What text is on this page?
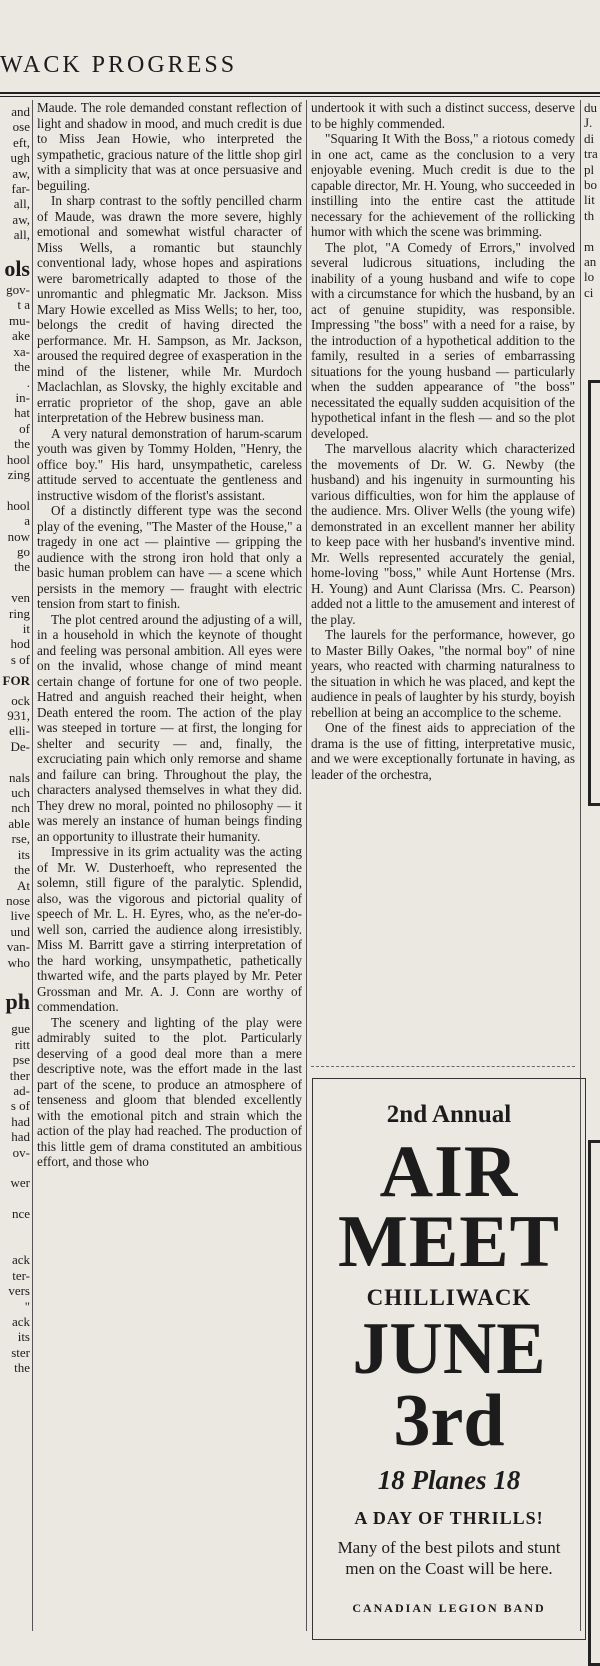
WACK PROGRESS
and
ose
eft,
ugh
aw,
far-
all,
aw,
all,
ols
gov-
t a
mu-
ake
xa-
the
.
in-
hat
of
the
hool
zing

hool
a
now
go
the

ven
ring
it
hod
s of
FOR
ock
931,
elli-
De-

nals
uch
nch
able
rse,
its
the
At
nose
live
und
van-
who
ph
gue
ritt
pse
ther
ad-
s of
had
had
ov-

wer

nce

ack
ter-
vers
"
ack
its
ster
the

Maude. The role demanded constant reflection of light and shadow in mood, and much credit is due to Miss Jean Howie, who interpreted the sympathetic, gracious nature of the little shop girl with a simplicity that was at once persuasive and beguiling.

In sharp contrast to the softly pencilled charm of Maude, was drawn the more severe, highly emotional and somewhat wistful character of Miss Wells, a romantic but staunchly conventional lady, whose hopes and aspirations were barometrically adapted to those of the unromantic and phlegmatic Mr. Jackson. Miss Mary Howie excelled as Miss Wells; to her, too, belongs the credit of having directed the performance. Mr. H. Sampson, as Mr. Jackson, aroused the required degree of exasperation in the mind of the listener, while Mr. Murdoch Maclachlan, as Slovsky, the highly excitable and erratic proprietor of the shop, gave an able interpretation of the Hebrew business man.

A very natural demonstration of harum-scarum youth was given by Tommy Holden, "Henry, the office boy." His hard, unsympathetic, careless attitude served to accentuate the gentleness and instructive wisdom of the florist's assistant.

Of a distinctly different type was the second play of the evening, "The Master of the House," a tragedy in one act — plaintive — gripping the audience with the strong iron hold that only a basic human problem can have — a scene which persists in the memory — fraught with electric tension from start to finish.

The plot centred around the adjusting of a will, in a household in which the keynote of thought and feeling was personal ambition. All eyes were on the invalid, whose change of mind meant certain change of fortune for one of two people. Hatred and anguish reached their height, when Death entered the room. The action of the play was steeped in torture — at first, the longing for shelter and security — and, finally, the excruciating pain which only remorse and shame and failure can bring. Throughout the play, the characters analysed themselves in what they did. They drew no moral, pointed no philosophy — it was merely an instance of human beings finding an opportunity to illustrate their humanity.

Impressive in its grim actuality was the acting of Mr. W. Dusterhoeft, who represented the solemn, still figure of the paralytic. Splendid, also, was the vigorous and pictorial quality of speech of Mr. L. H. Eyres, who, as the ne'er-do-well son, carried the audience along irresistibly. Miss M. Barritt gave a stirring interpretation of the hard working, unsympathetic, pathetically thwarted wife, and the parts played by Mr. Peter Grossman and Mr. A. J. Conn are worthy of commendation.

The scenery and lighting of the play were admirably suited to the plot. Particularly deserving of a good deal more than a mere descriptive note, was the effort made in the last part of the scene, to produce an atmosphere of tenseness and gloom that blended excellently with the emotional pitch and strain which the action of the play had reached. The production of this little gem of drama constituted an ambitious effort, and those who

undertook it with such a distinct success, deserve to be highly commended.

"Squaring It With the Boss," a riotous comedy in one act, came as the conclusion to a very enjoyable evening. Much credit is due to the capable director, Mr. H. Young, who succeeded in instilling into the entire cast the attitude necessary for the achievement of the rollicking humor with which the scene was brimming.

The plot, "A Comedy of Errors," involved several ludicrous situations, including the inability of a young husband and wife to cope with a circumstance for which the husband, by an act of genuine stupidity, was responsible. Impressing "the boss" with a need for a raise, by the introduction of a hypothetical addition to the family, resulted in a series of embarrassing situations for the young husband — particularly when the sudden appearance of "the boss" necessitated the equally sudden acquisition of the hypothetical infant in the flesh — and so the plot developed.

The marvellous alacrity which characterized the movements of Dr. W. G. Newby (the husband) and his ingenuity in surmounting his various difficulties, won for him the applause of the audience. Mrs. Oliver Wells (the young wife) demonstrated in an excellent manner her ability to keep pace with her husband's inventive mind. Mr. Wells represented accurately the genial, home-loving "boss," while Aunt Hortense (Mrs. H. Young) and Aunt Clarissa (Mrs. C. Pearson) added not a little to the amusement and interest of the play.

The laurels for the performance, however, go to Master Billy Oakes, "the normal boy" of nine years, who reacted with charming naturalness to the situation in which he was placed, and kept the audience in peals of laughter by his sturdy, boyish rebellion at being an accomplice to the scheme.

One of the finest aids to appreciation of the drama is the use of fitting, interpretative music, and we were exceptionally fortunate in having, as leader of the orchestra,

du
J.
di
tra
pl
bo
lit
th

m
an
lo
ci
2nd Annual
AIR
MEET
CHILLIWACK
JUNE
3rd
18 Planes 18
A DAY OF THRILLS!
Many of the best pilots and stunt men on the Coast will be here.
CANADIAN LEGION BAND
